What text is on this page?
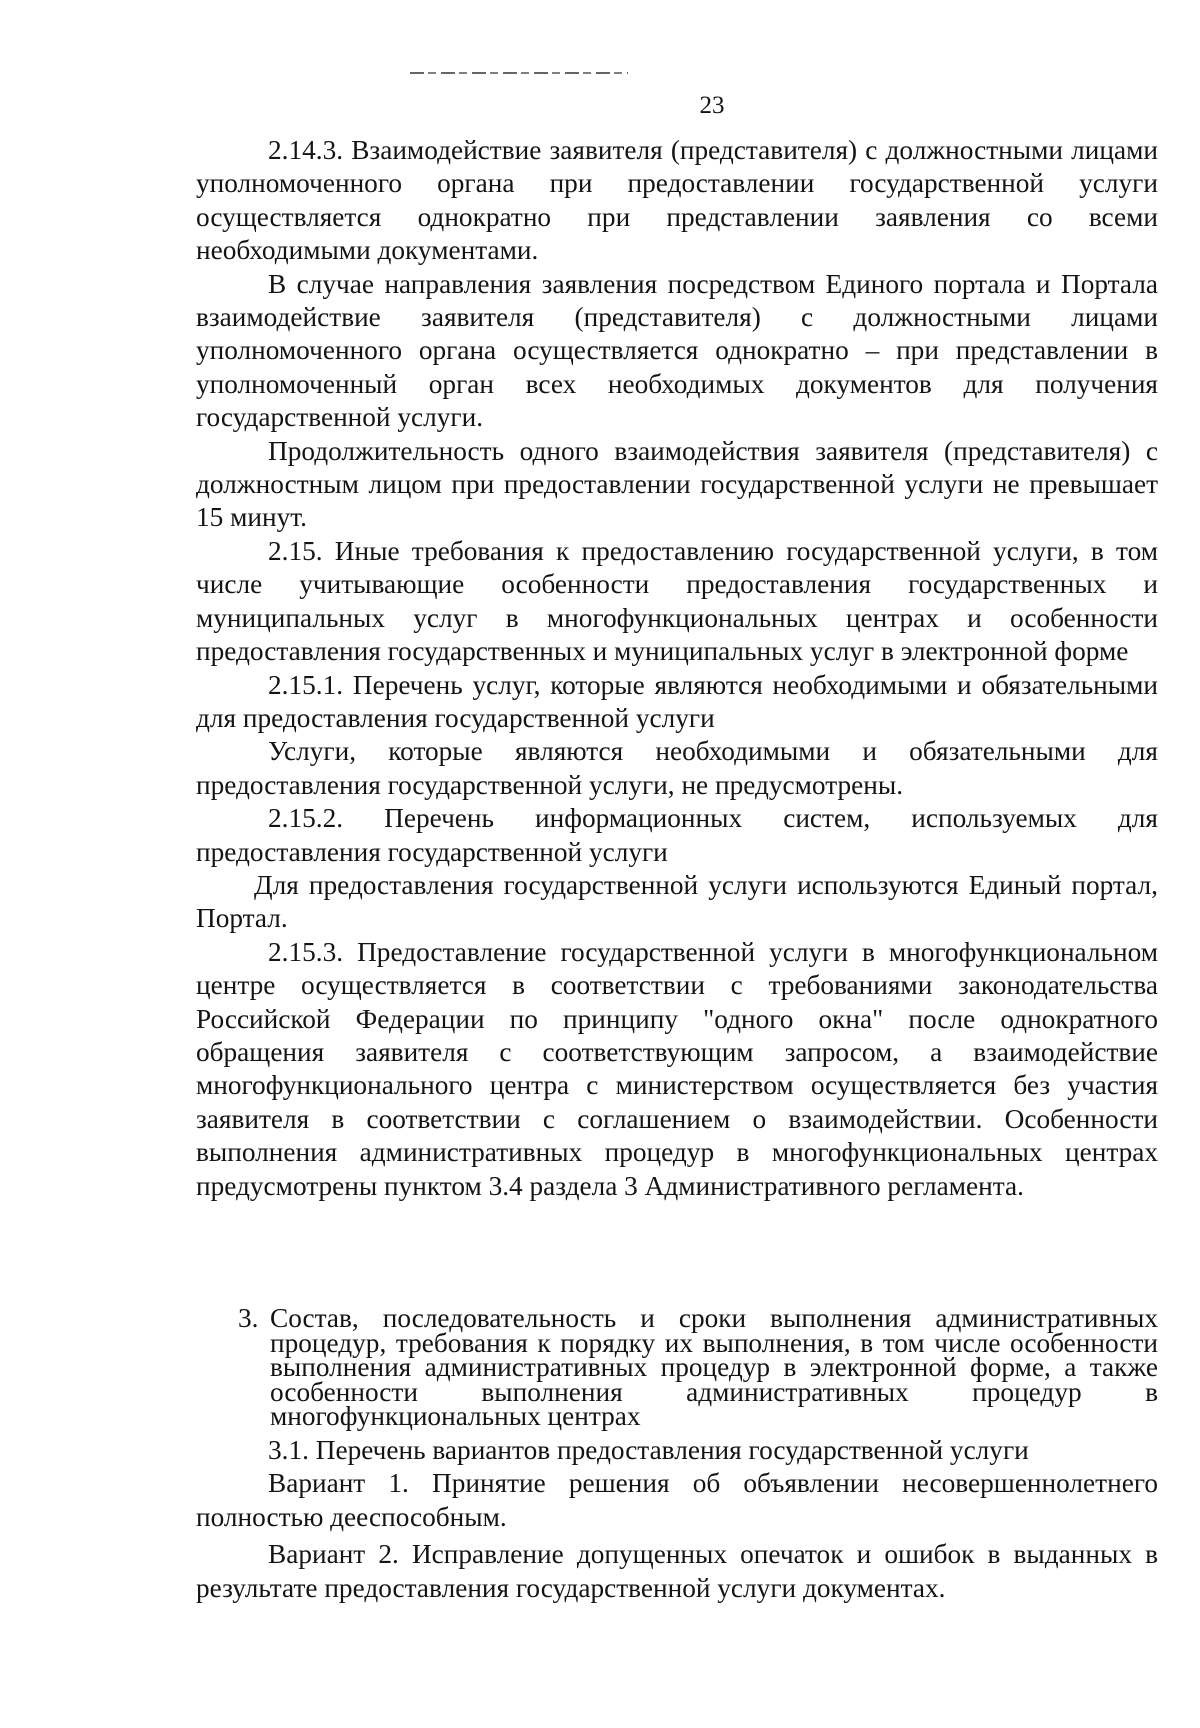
23

2.14.3. Взаимодействие заявителя (представителя) с должностными лицами уполномоченного органа при предоставлении государственной услуги осуществляется однократно при представлении заявления со всеми необходимыми документами.

В случае направления заявления посредством Единого портала и Портала взаимодействие заявителя (представителя) с должностными лицами уполномоченного органа осуществляется однократно – при представлении в уполномоченный орган всех необходимых документов для получения государственной услуги.

Продолжительность одного взаимодействия заявителя (представителя) с должностным лицом при предоставлении государственной услуги не превышает 15 минут.

2.15. Иные требования к предоставлению государственной услуги, в том числе учитывающие особенности предоставления государственных и муниципальных услуг в многофункциональных центрах и особенности предоставления государственных и муниципальных услуг в электронной форме

2.15.1. Перечень услуг, которые являются необходимыми и обязательными для предоставления государственной услуги

Услуги, которые являются необходимыми и обязательными для предоставления государственной услуги, не предусмотрены.

2.15.2. Перечень информационных систем, используемых для предоставления государственной услуги

Для предоставления государственной услуги используются Единый портал, Портал.

2.15.3. Предоставление государственной услуги в многофункциональном центре осуществляется в соответствии с требованиями законодательства Российской Федерации по принципу "одного окна" после однократного обращения заявителя с соответствующим запросом, а взаимодействие многофункционального центра с министерством осуществляется без участия заявителя в соответствии с соглашением о взаимодействии. Особенности выполнения административных процедур в многофункциональных центрах предусмотрены пунктом 3.4 раздела 3 Административного регламента.

3. Состав, последовательность и сроки выполнения административных процедур, требования к порядку их выполнения, в том числе особенности выполнения административных процедур в электронной форме, а также особенности выполнения административных процедур в многофункциональных центрах

3.1. Перечень вариантов предоставления государственной услуги

Вариант 1. Принятие решения об объявлении несовершеннолетнего полностью дееспособным.

Вариант 2. Исправление допущенных опечаток и ошибок в выданных в результате предоставления государственной услуги документах.
